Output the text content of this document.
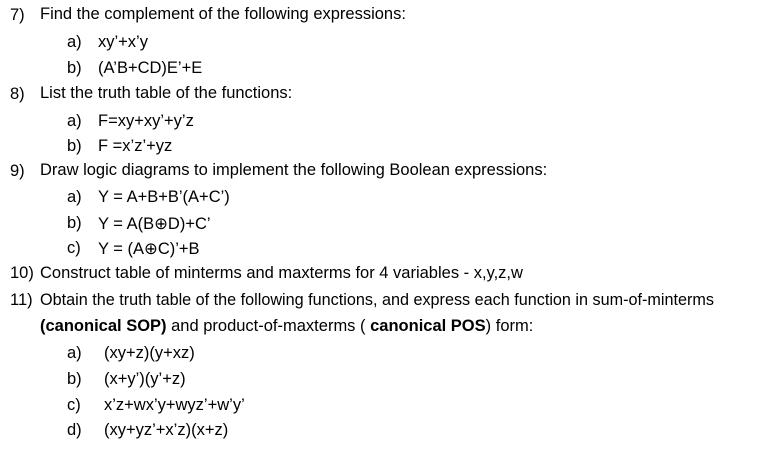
7) Find the complement of the following expressions:
a) xy’+x’y
b) (A’B+CD)E’+E
8) List the truth table of the functions:
a) F=xy+xy’+y’z
b) F =x’z’+yz
9) Draw logic diagrams to implement the following Boolean expressions:
a) Y = A+B+B’(A+C’)
b) Y = A(B⊕D)+C’
c) Y = (A⊕C)’+B
10) Construct table of minterms and maxterms for 4 variables - x,y,z,w
11) Obtain the truth table of the following functions, and express each function in sum-of-minterms
(canonical SOP) and product-of-maxterms ( canonical POS) form:
a) (xy+z)(y+xz)
b) (x+y’)(y’+z)
c) x’z+wx’y+wyz’+w’y’
d) (xy+yz’+x’z)(x+z)
